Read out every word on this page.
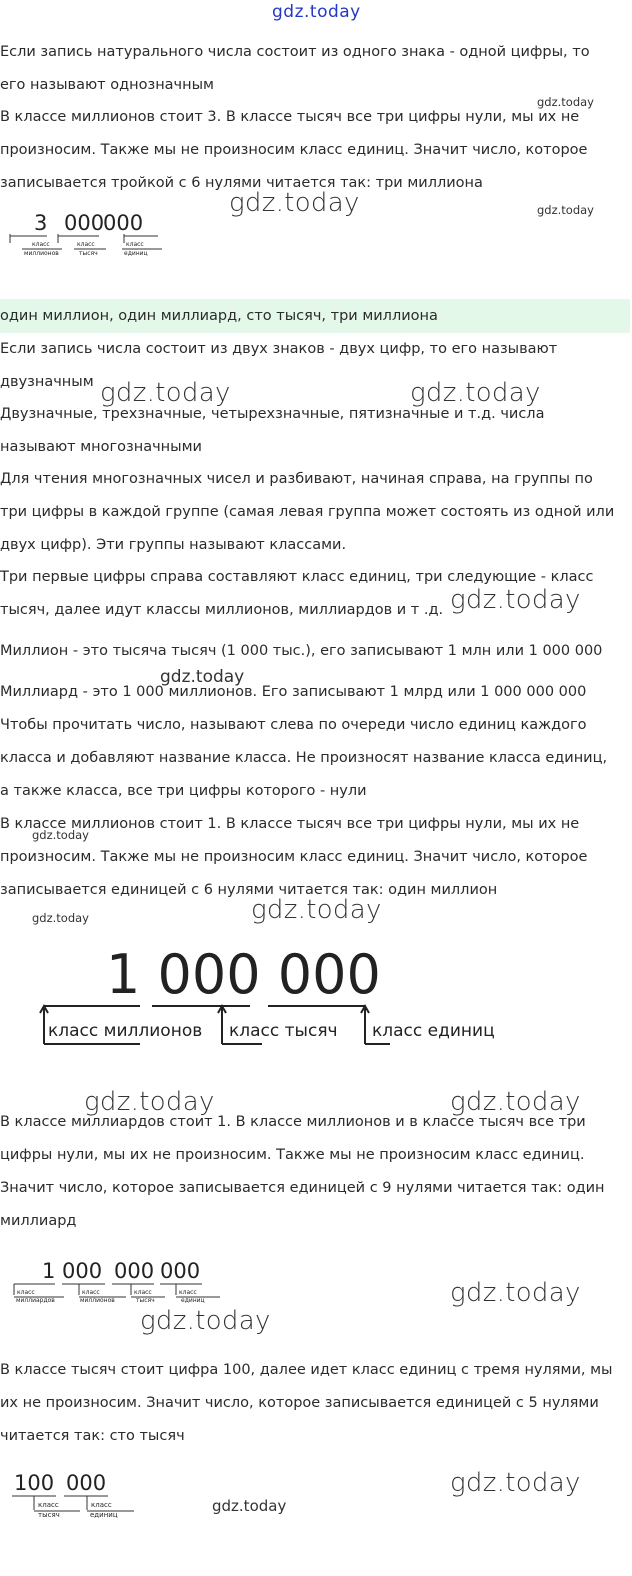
gdz.today

Если запись натурального числа состоит из одного знака - одной цифры, то
его называют однозначным

В классе миллионов стоит 3. В классе тысяч все три цифры нули, мы их не
произносим. Также мы не произносим класс единиц. Значит число, которое
записывается тройкой с 6 нулями читается так: три миллиона

один миллион, один миллиард, сто тысяч, три миллиона

Если запись числа состоит из двух знаков - двух цифр, то его называют
двузначным

Двузначные, трехзначные, четырехзначные, пятизначные и т.д. числа
называют многозначными

Для чтения многозначных чисел и разбивают, начиная справа, на группы по
три цифры в каждой группе (самая левая группа может состоять из одной или
двух цифр). Эти группы называют классами.

Три первые цифры справа составляют класс единиц, три следующие - класс
тысяч, далее идут классы миллионов, миллиардов и т .д.

Миллион - это тысяча тысяч (1 000 тыс.), его записывают 1 млн или 1 000 000

Миллиард - это 1 000 миллионов. Его записывают 1 млрд или 1 000 000 000

Чтобы прочитать число, называют слева по очереди число единиц каждого
класса и добавляют название класса. Не произносят название класса единиц,
а также класса, все три цифры которого - нули

В классе миллионов стоит 1. В классе тысяч все три цифры нули, мы их не
произносим. Также мы не произносим класс единиц. Значит число, которое
записывается единицей с 6 нулями читается так: один миллион

В классе миллиардов стоит 1. В классе миллионов и в классе тысяч все три
цифры нули, мы их не произносим. Также мы не произносим класс единиц.
Значит число, которое записывается единицей с 9 нулями читается так: один
миллиард

В классе тысяч стоит цифра 100, далее идет класс единиц с тремя нулями, мы
их не произносим. Значит число, которое записывается единицей с 5 нулями
читается так: сто тысяч

3 000
000
класс
миллионов
класс
тысяч
класс
единиц
1 000 000
класс миллионов класс тысяч класс единиц
1 000 000 000
класс
миллиардов
класс
миллионов
класс
тысяч
класс
единиц
100 000
класс
тысяч
класс
единиц
gdz.today
gdz.today	gdz.today
gdz.today	gdz.today
gdz.today
gdz.today
gdz.today
gdz.today	gdz.today
gdz.today	gdz.today
gdz.today
gdz.today
gdz.today
gdz.today
